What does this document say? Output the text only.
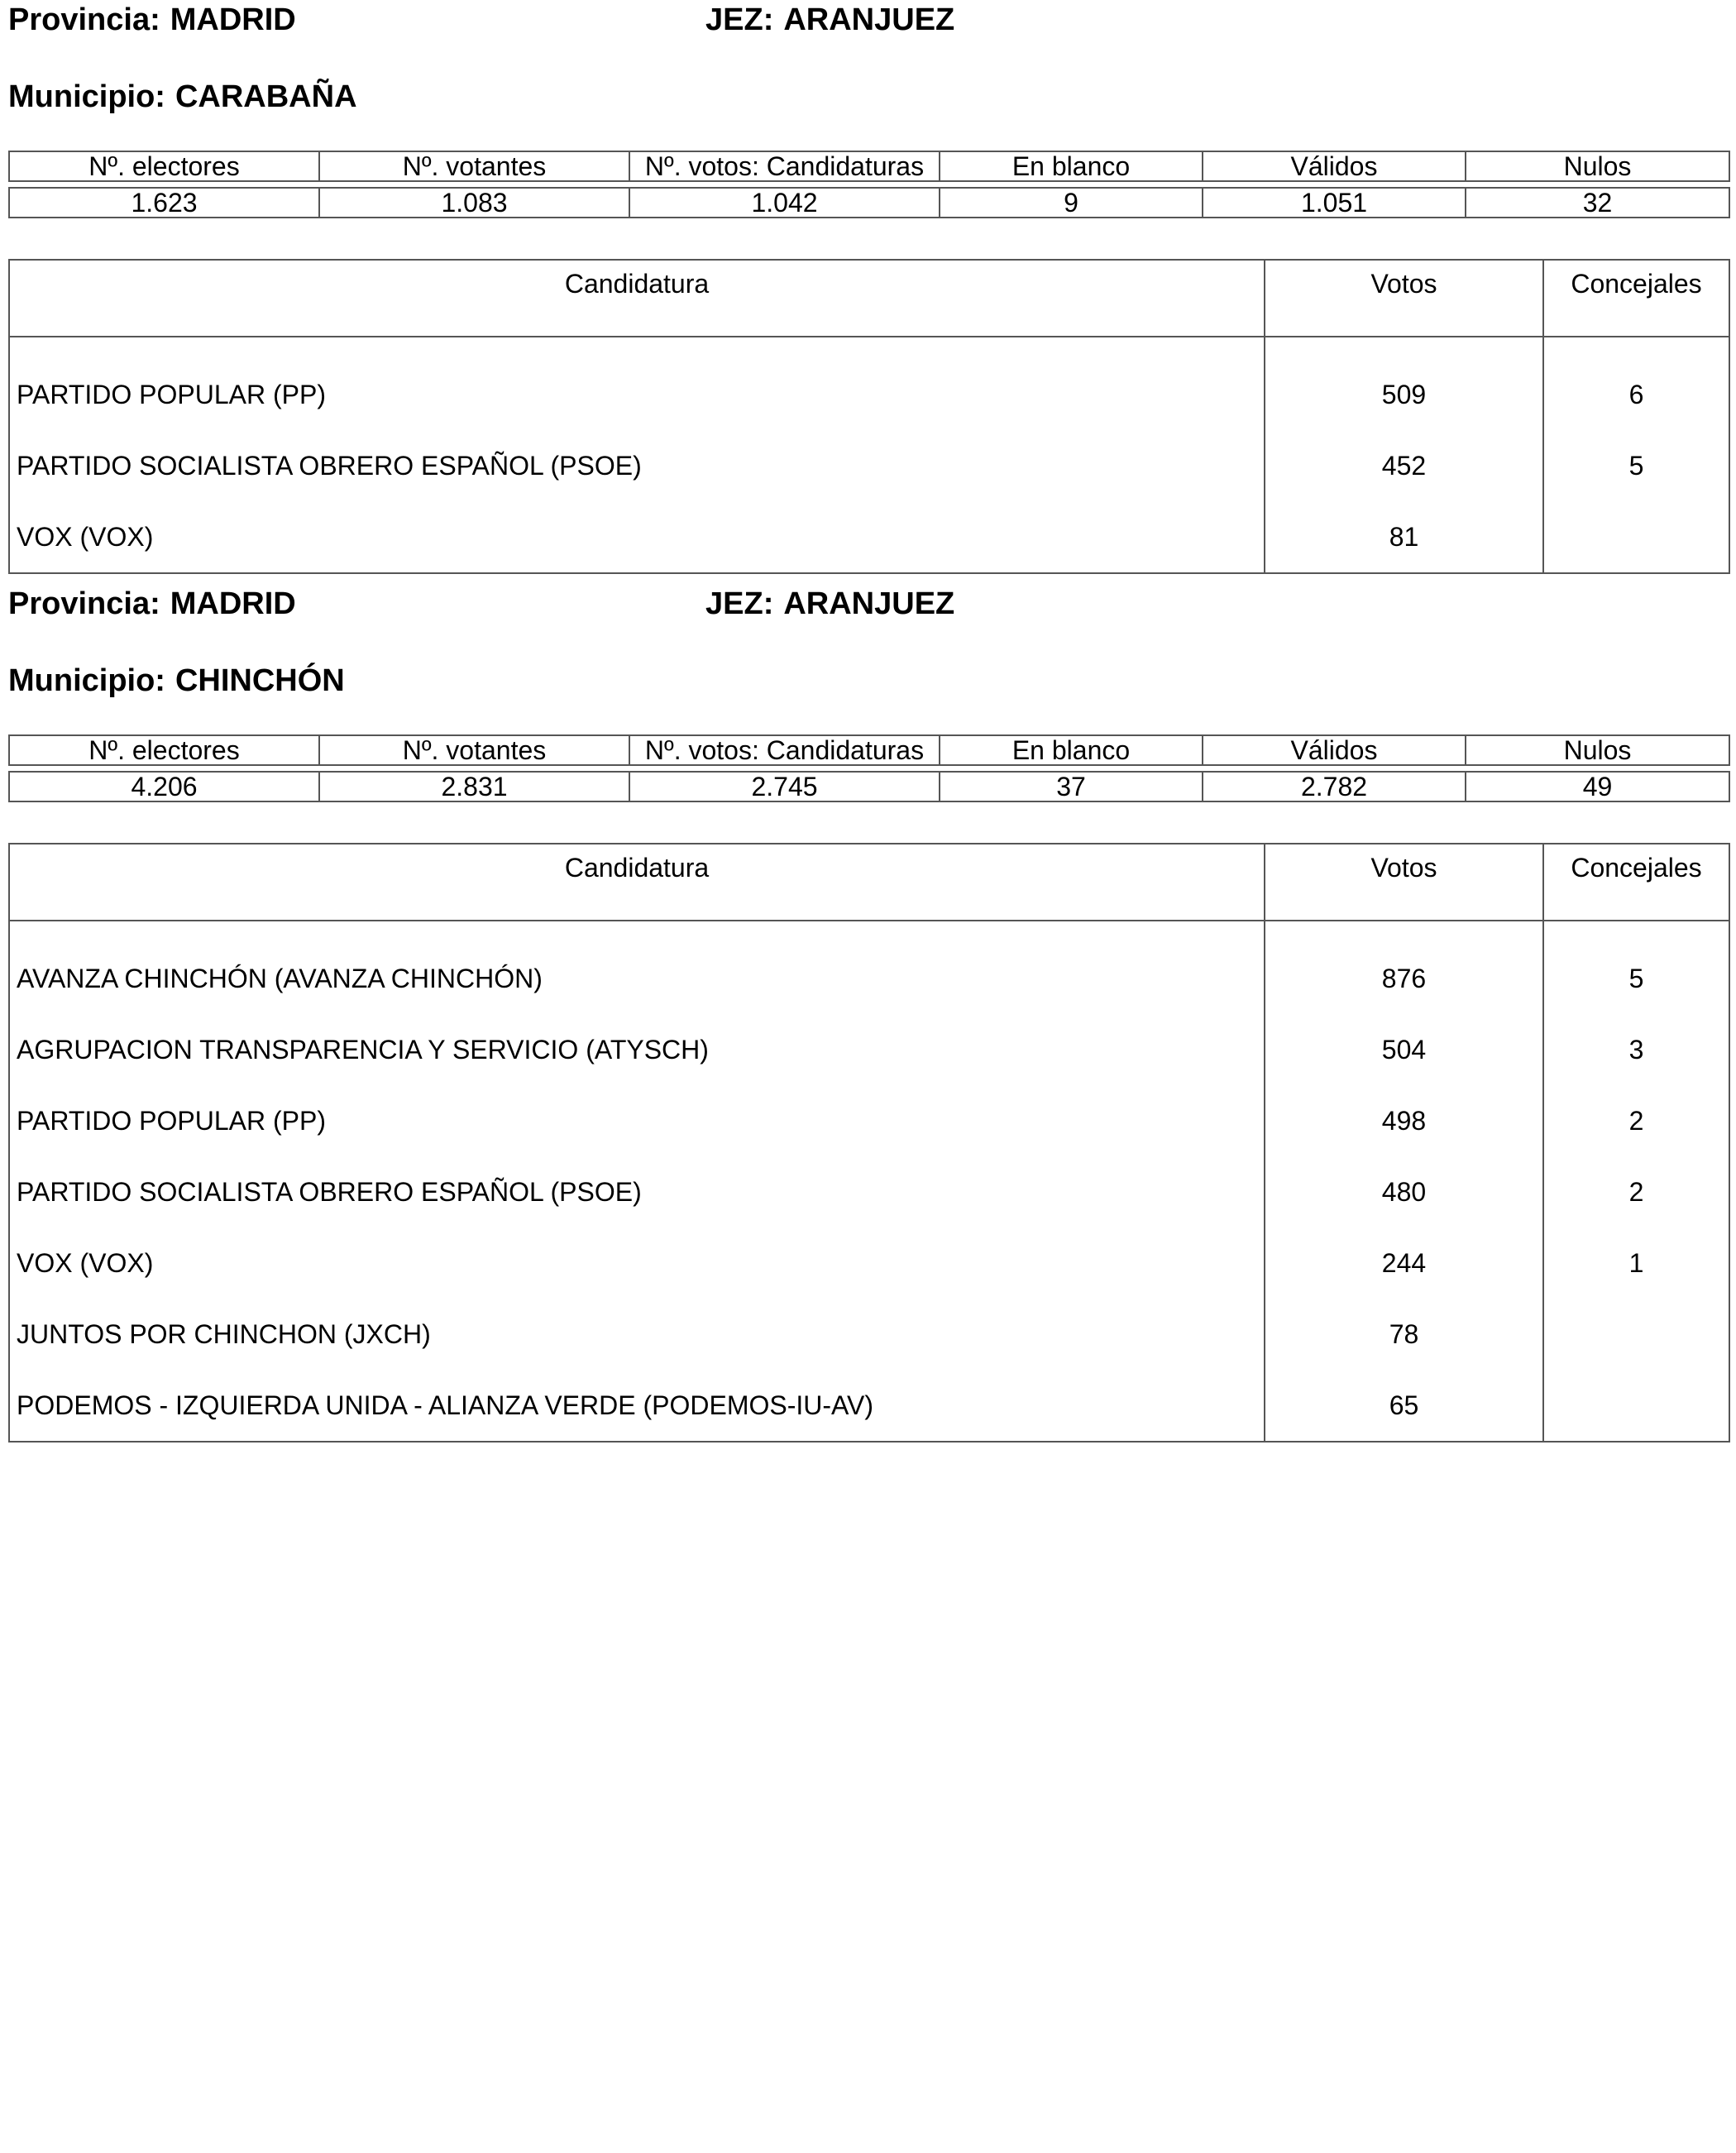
Provincia: MADRID	JEZ: ARANJUEZ
Municipio: CARABAÑA
Nº. electores	Nº. votantes	Nº. votos: Candidaturas	En blanco	Válidos	Nulos

1.623	1.083	1.042	9	1.051	32
Candidatura	Votos	Concejales
PARTIDO POPULAR (PP)	509	6
PARTIDO SOCIALISTA OBRERO ESPAÑOL (PSOE)	452	5
VOX (VOX)	81	
Provincia: MADRID	JEZ: ARANJUEZ
Municipio: CHINCHÓN
Nº. electores	Nº. votantes	Nº. votos: Candidaturas	En blanco	Válidos	Nulos

4.206	2.831	2.745	37	2.782	49
Candidatura	Votos	Concejales
AVANZA CHINCHÓN (AVANZA CHINCHÓN)	876	5
AGRUPACION TRANSPARENCIA Y SERVICIO (ATYSCH)	504	3
PARTIDO POPULAR (PP)	498	2
PARTIDO SOCIALISTA OBRERO ESPAÑOL (PSOE)	480	2
VOX (VOX)	244	1
JUNTOS POR CHINCHON (JXCH)	78	
PODEMOS - IZQUIERDA UNIDA - ALIANZA VERDE (PODEMOS-IU-AV)	65	
